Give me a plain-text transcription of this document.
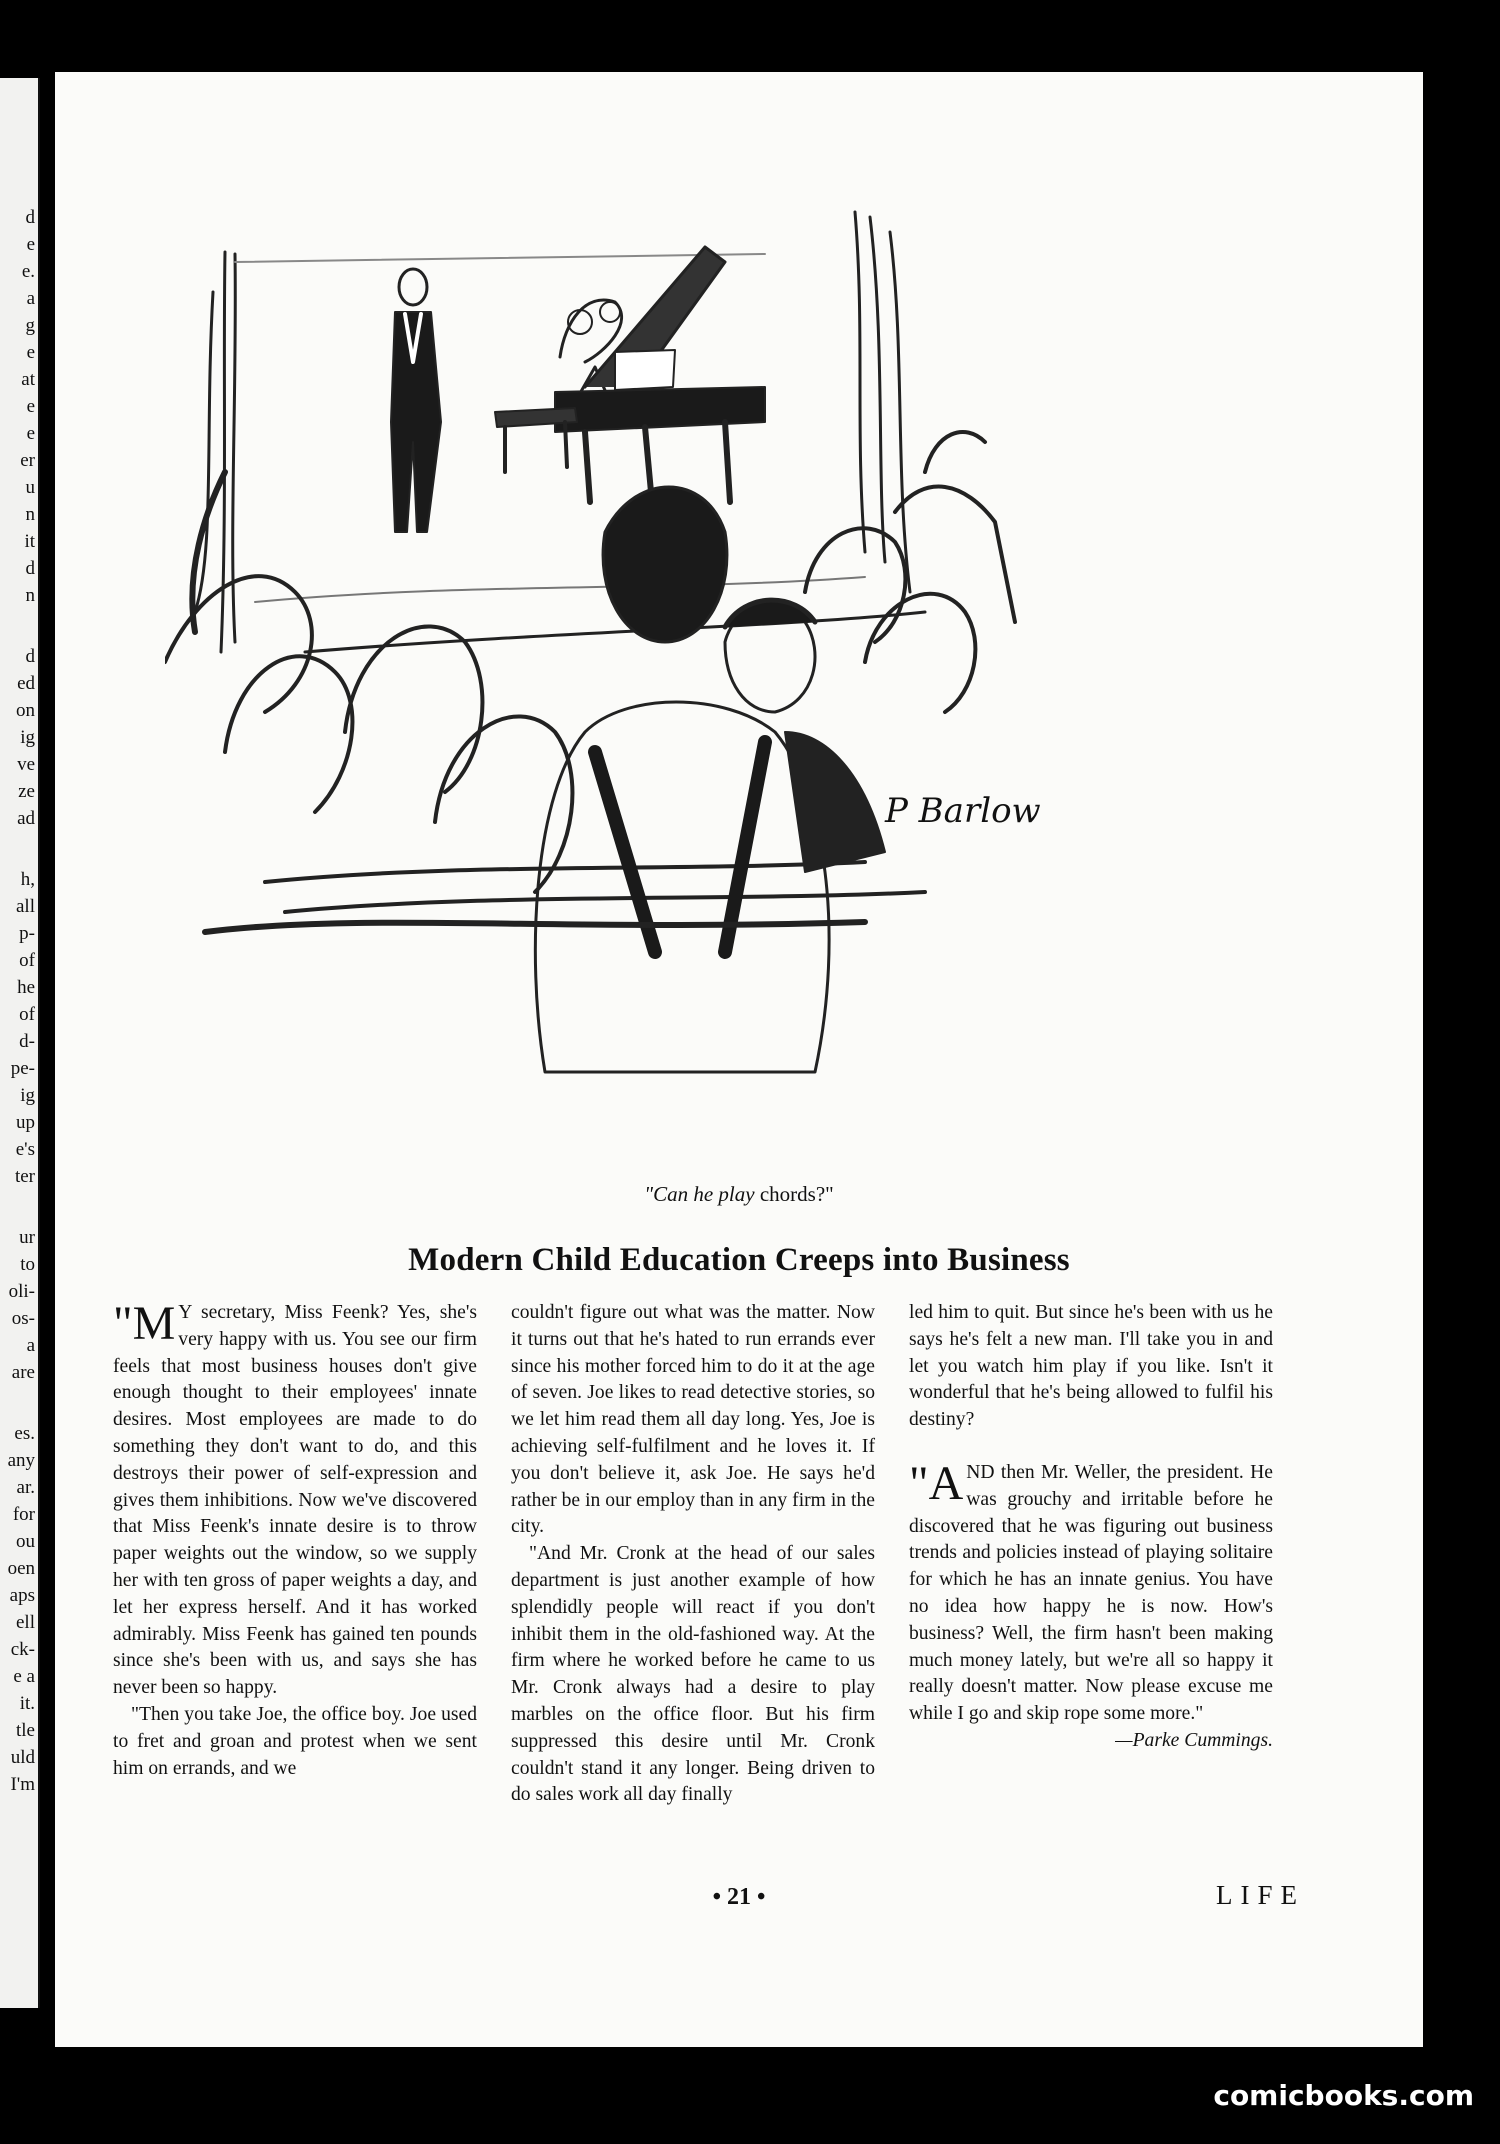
d
e
e.
a
g
e
at
e
e
er
u
n
it
d
n
d
ed
on
ig
ve
ze
ad
h,
all
p-
of
he
of
d-
pe-
ig
up
e's
ter
ur
to
oli-
os-
a
are
es.
any
ar.
for
ou
oen
aps
ell
ck-
e a
it.
tle
uld
I'm
P Barlow
"Can he play chords?"
Modern Child Education Creeps into Business

"M Y secretary, Miss Feenk? Yes, she's very happy with us. You see our firm feels that most business houses don't give enough thought to their employees' innate desires. Most employees are made to do something they don't want to do, and this destroys their power of self-expression and gives them inhibitions. Now we've discovered that Miss Feenk's innate desire is to throw paper weights out the window, so we supply her with ten gross of paper weights a day, and let her express herself. And it has worked admirably. Miss Feenk has gained ten pounds since she's been with us, and says she has never been so happy.

"Then you take Joe, the office boy. Joe used to fret and groan and protest when we sent him on errands, and we

couldn't figure out what was the matter. Now it turns out that he's hated to run errands ever since his mother forced him to do it at the age of seven. Joe likes to read detective stories, so we let him read them all day long. Yes, Joe is achieving self-fulfilment and he loves it. If you don't believe it, ask Joe. He says he'd rather be in our employ than in any firm in the city.

"And Mr. Cronk at the head of our sales department is just another example of how splendidly people will react if you don't inhibit them in the old-fashioned way. At the firm where he worked before he came to us Mr. Cronk always had a desire to play marbles on the office floor. But his firm suppressed this desire until Mr. Cronk couldn't stand it any longer. Being driven to do sales work all day finally

led him to quit. But since he's been with us he says he's felt a new man. I'll take you in and let you watch him play if you like. Isn't it wonderful that he's being allowed to fulfil his destiny?

"AND then Mr. Weller, the president. He was grouchy and irritable before he discovered that he was figuring out business trends and policies instead of playing solitaire for which he has an innate genius. You have no idea how happy he is now. How's business? Well, the firm hasn't been making much money lately, but we're all so happy it really doesn't matter. Now please excuse me while I go and skip rope some more."

—Parke Cummings.

• 21 •	LIFE
comicbooks.com
